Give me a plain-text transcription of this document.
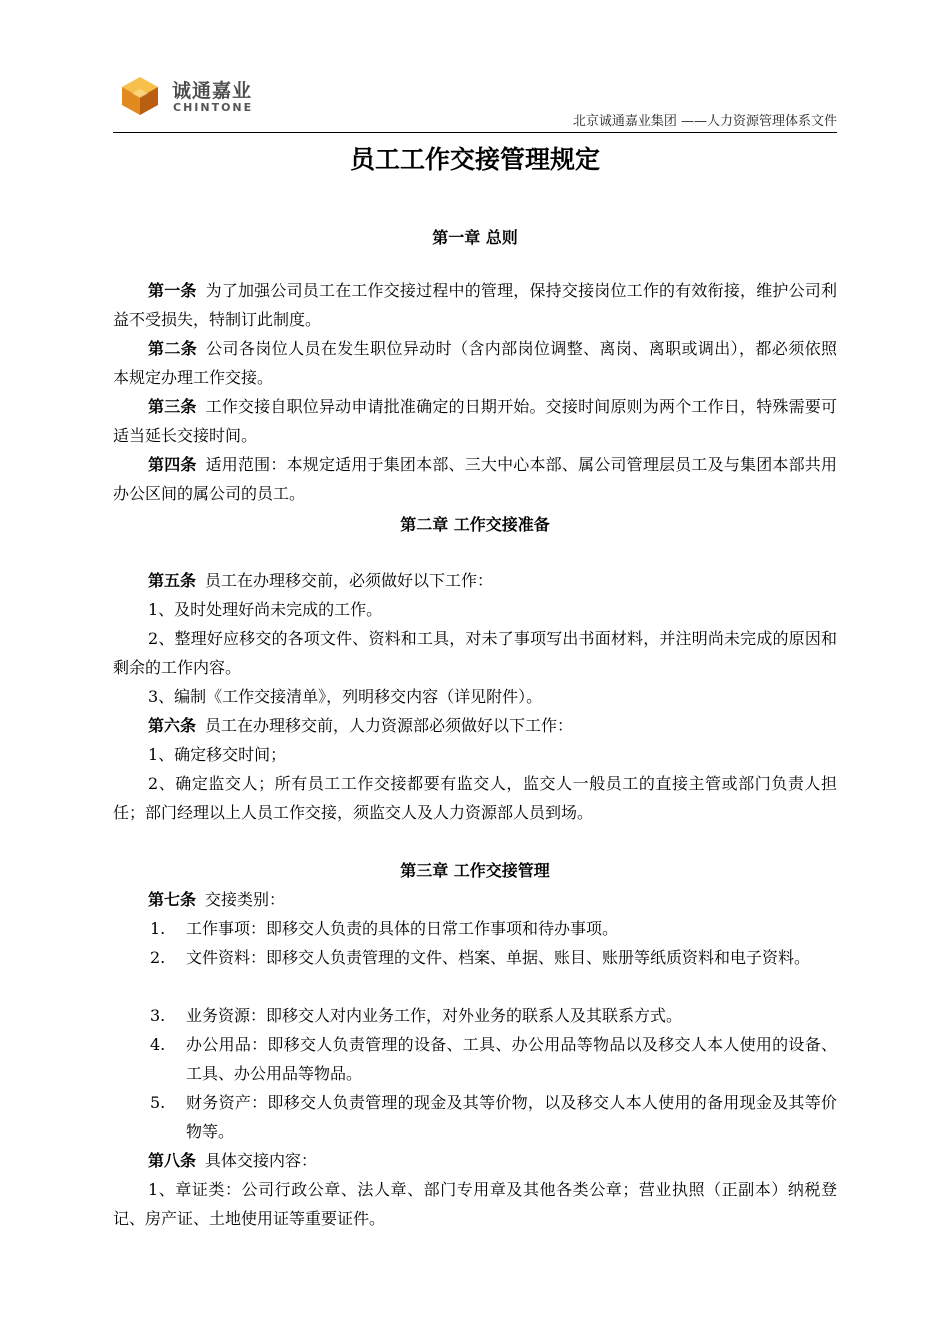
诚通嘉业
CHINTONE
北京诚通嘉业集团 ——人力资源管理体系文件
员工工作交接管理规定
第一章 总则

第一条 为了加强公司员工在工作交接过程中的管理，保持交接岗位工作的有效衔接，维护公司利益不受损失，特制订此制度。

第二条 公司各岗位人员在发生职位异动时（含内部岗位调整、离岗、离职或调出），都必须依照本规定办理工作交接。

第三条 工作交接自职位异动申请批准确定的日期开始。交接时间原则为两个工作日，特殊需要可适当延长交接时间。

第四条 适用范围：本规定适用于集团本部、三大中心本部、属公司管理层员工及与集团本部共用办公区间的属公司的员工。

第二章 工作交接准备

第五条 员工在办理移交前，必须做好以下工作：

1、及时处理好尚未完成的工作。

2、整理好应移交的各项文件、资料和工具，对未了事项写出书面材料，并注明尚未完成的原因和剩余的工作内容。

3、编制《工作交接清单》，列明移交内容（详见附件）。

第六条 员工在办理移交前，人力资源部必须做好以下工作：

1、确定移交时间；

2、确定监交人；所有员工工作交接都要有监交人，监交人一般员工的直接主管或部门负责人担任；部门经理以上人员工作交接，须监交人及人力资源部人员到场。

第三章 工作交接管理

第七条 交接类别：

1. 工作事项：即移交人负责的具体的日常工作事项和待办事项。
2. 文件资料：即移交人负责管理的文件、档案、单据、账目、账册等纸质资料和电子资料。
3. 业务资源：即移交人对内业务工作，对外业务的联系人及其联系方式。
4. 办公用品：即移交人负责管理的设备、工具、办公用品等物品以及移交人本人使用的设备、工具、办公用品等物品。
5. 财务资产：即移交人负责管理的现金及其等价物，以及移交人本人使用的备用现金及其等价物等。

第八条 具体交接内容：

1、章证类：公司行政公章、法人章、部门专用章及其他各类公章；营业执照（正副本）纳税登记、房产证、土地使用证等重要证件。
